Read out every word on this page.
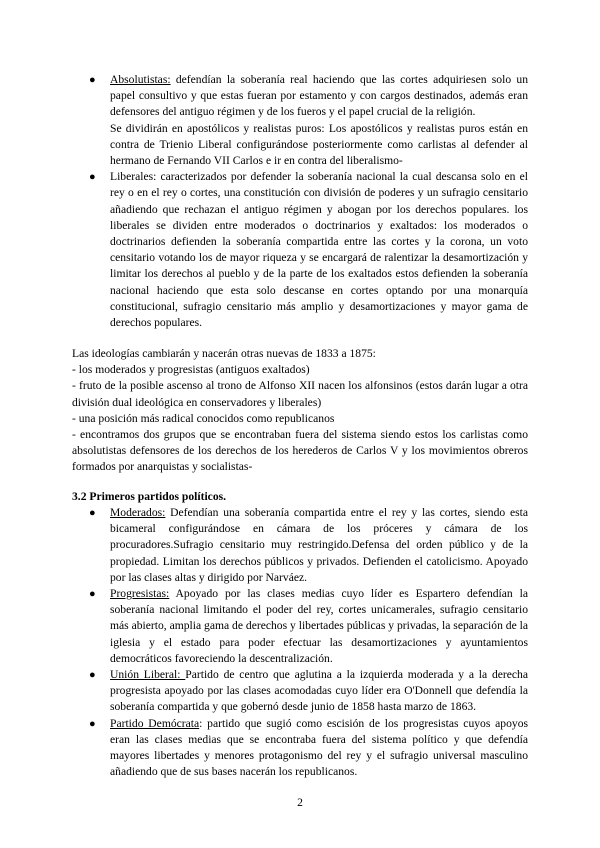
●	Absolutistas: defendían la soberanía real haciendo que las cortes adquiriesen solo un papel consultivo y que estas fueran por estamento y con cargos destinados, además eran defensores del antiguo régimen y de los fueros y el papel crucial de la religión.
Se dividirán en apostólicos y realistas puros: Los apostólicos y realistas puros están en contra de Trienio Liberal configurándose posteriormente como carlistas al defender al hermano de Fernando VII Carlos e ir en contra del liberalismo-
●	Liberales: caracterizados por defender la soberanía nacional la cual descansa solo en el rey o en el rey o cortes, una constitución con división de poderes y un sufragio censitario añadiendo que rechazan el antiguo régimen y abogan por los derechos populares. los liberales se dividen entre moderados o doctrinarios y exaltados: los moderados o doctrinarios defienden la soberanía compartida entre las cortes y la corona, un voto censitario votando los de mayor riqueza y se encargará de ralentizar la desamortización y limitar los derechos al pueblo y de la parte de los exaltados estos defienden la soberanía nacional haciendo que esta solo descanse en cortes optando por una monarquía constitucional, sufragio censitario más amplio y desamortizaciones y mayor gama de derechos populares.
Las ideologías cambiarán y nacerán otras nuevas de 1833 a 1875:
- los moderados y progresistas (antiguos exaltados)
- fruto de la posible ascenso al trono de Alfonso XII nacen los alfonsinos (estos darán lugar a otra división dual ideológica en conservadores y liberales)
- una posición más radical conocidos como republicanos
- encontramos dos grupos que se encontraban fuera del sistema siendo estos los carlistas como absolutistas defensores de los derechos de los herederos de Carlos V y los movimientos obreros formados por anarquistas y socialistas-
3.2 Primeros partidos políticos.
●	Moderados: Defendían una soberanía compartida entre el rey y las cortes, siendo esta bicameral configurándose en cámara de los próceres y cámara de los procuradores.Sufragio censitario muy restringido.Defensa del orden público y de la propiedad. Limitan los derechos públicos y privados. Defienden el catolicismo. Apoyado por las clases altas y dirigido por Narváez.
●	Progresistas: Apoyado por las clases medias cuyo líder es Espartero defendían la soberanía nacional limitando el poder del rey, cortes unicamerales, sufragio censitario más abierto, amplia gama de derechos y libertades públicas y privadas, la separación de la iglesia y el estado para poder efectuar las desamortizaciones y ayuntamientos democráticos favoreciendo la descentralización.
●	Unión Liberal: Partido de centro que aglutina a la izquierda moderada y a la derecha progresista apoyado por las clases acomodadas cuyo líder era O'Donnell que defendía la soberanía compartida y que gobernó desde junio de 1858 hasta marzo de 1863.
●	Partido Demócrata: partido que sugió como escisión de los progresistas cuyos apoyos eran las clases medias que se encontraba fuera del sistema político y que defendía mayores libertades y menores protagonismo del rey y el sufragio universal masculino añadiendo que de sus bases nacerán los republicanos.
2
